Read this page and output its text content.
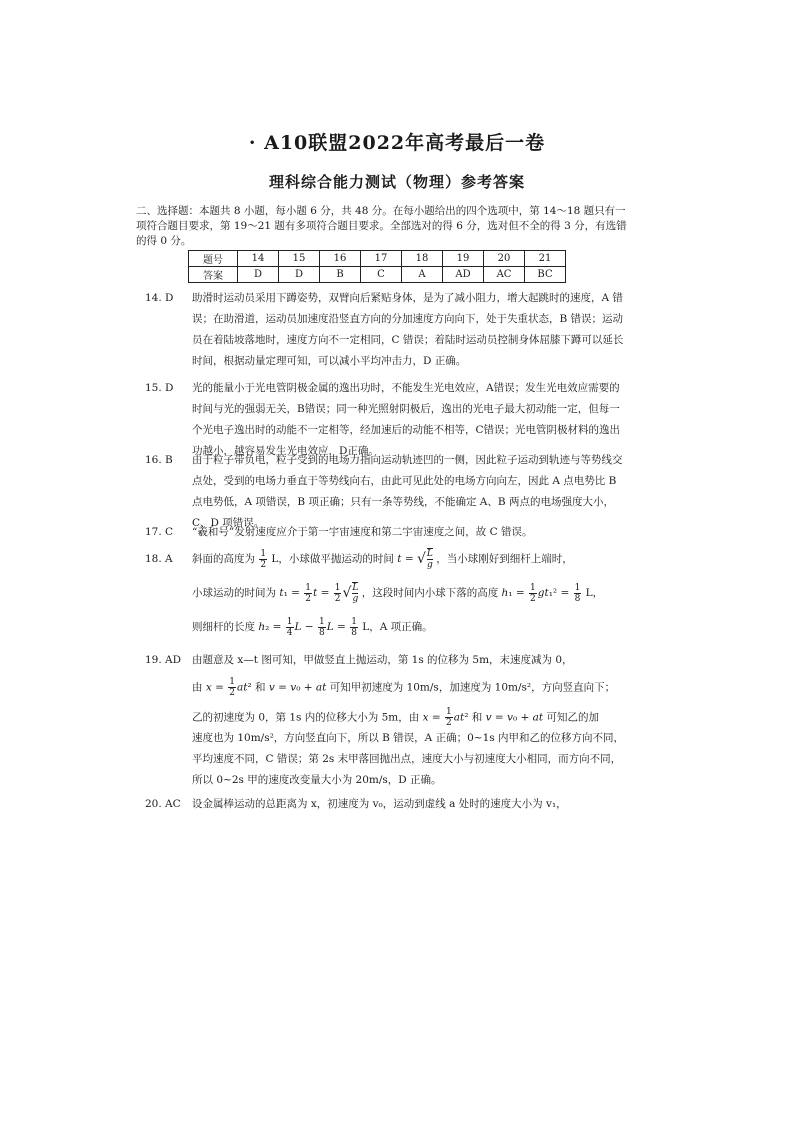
· A10联盟2022年高考最后一卷
理科综合能力测试（物理）参考答案
二、选择题：本题共 8 小题，每小题 6 分，共 48 分。在每小题给出的四个选项中，第 14～18 题只有一项符合题目要求，第 19～21 题有多项符合题目要求。全部选对的得 6 分，选对但不全的得 3 分，有选错的得 0 分。
题号	14	15	16	17	18	19	20	21
答案	D	D	B	C	A	AD	AC	BC
14. D	助滑时运动员采用下蹲姿势，双臂向后紧贴身体，是为了减小阻力，增大起跳时的速度，A 错误；在助滑道，运动员加速度沿竖直方向的分加速度方向向下，处于失重状态，B 错误；运动员在着陆坡落地时，速度方向不一定相同，C 错误；着陆时运动员控制身体屈膝下蹲可以延长时间，根据动量定理可知，可以减小平均冲击力，D 正确。
15. D	光的能量小于光电管阴极金属的逸出功时，不能发生光电效应，A错误；发生光电效应需要的时间与光的强弱无关，B错误；同一种光照射阴极后，逸出的光电子最大初动能一定，但每一个光电子逸出时的动能不一定相等，经加速后的动能不相等，C错误；光电管阴极材料的逸出功越小，越容易发生光电效应，D正确。
16. B	由于粒子带负电，粒子受到的电场力指向运动轨迹凹的一侧，因此粒子运动到轨迹与等势线交点处，受到的电场力垂直于等势线向右，由此可见此处的电场方向向左，因此 A 点电势比 B 点电势低，A 项错误，B 项正确；只有一条等势线，不能确定 A、B 两点的电场强度大小，C、D 项错误。
17. C	“羲和号”发射速度应介于第一宇宙速度和第二宇宙速度之间，故 C 错误。
18. A	斜面的高度为 $\frac{1}{2}$ L，小球做平抛运动的时间 t = √ $\frac{L}{g}$ ，当小球刚好到细杆上端时，

小球运动的时间为 $t_1 = \frac{1}{2}$ $t = \frac{1}{2}$ √ $\frac{L}{g}$ ，这段时间内小球下落的高度 $h_1 = \frac{1}{2} gt_1^2 = \frac{1}{8}$ L，

则细杆的长度 $h_2 = \frac{1}{4}$ $L - \frac{1}{8}$ $L = \frac{1}{8}$ L，A 项正确。

19. AD	由题意及 x—t 图可知，甲做竖直上抛运动，第 1s 的位移为 5m，末速度减为 0，

由 $x = \frac{1}{2} at^2$ 和 v = v₀ + at 可知甲初速度为 10m/s，加速度为 10m/s²，方向竖直向下；

乙的初速度为 0，第 1s 内的位移大小为 5m，由 $x = \frac{1}{2} at^2$ 和 v = v₀ + at 可知乙的加

速度也为 10m/s²，方向竖直向下，所以 B 错误，A 正确；0~1s 内甲和乙的位移方向不同，平均速度不同，C 错误；第 2s 末甲落回抛出点，速度大小与初速度大小相同，而方向不同，所以 0~2s 甲的速度改变量大小为 20m/s，D 正确。

20. AC	设金属棒运动的总距离为 x，初速度为 v₀，运动到虚线 a 处时的速度大小为 v₁，
